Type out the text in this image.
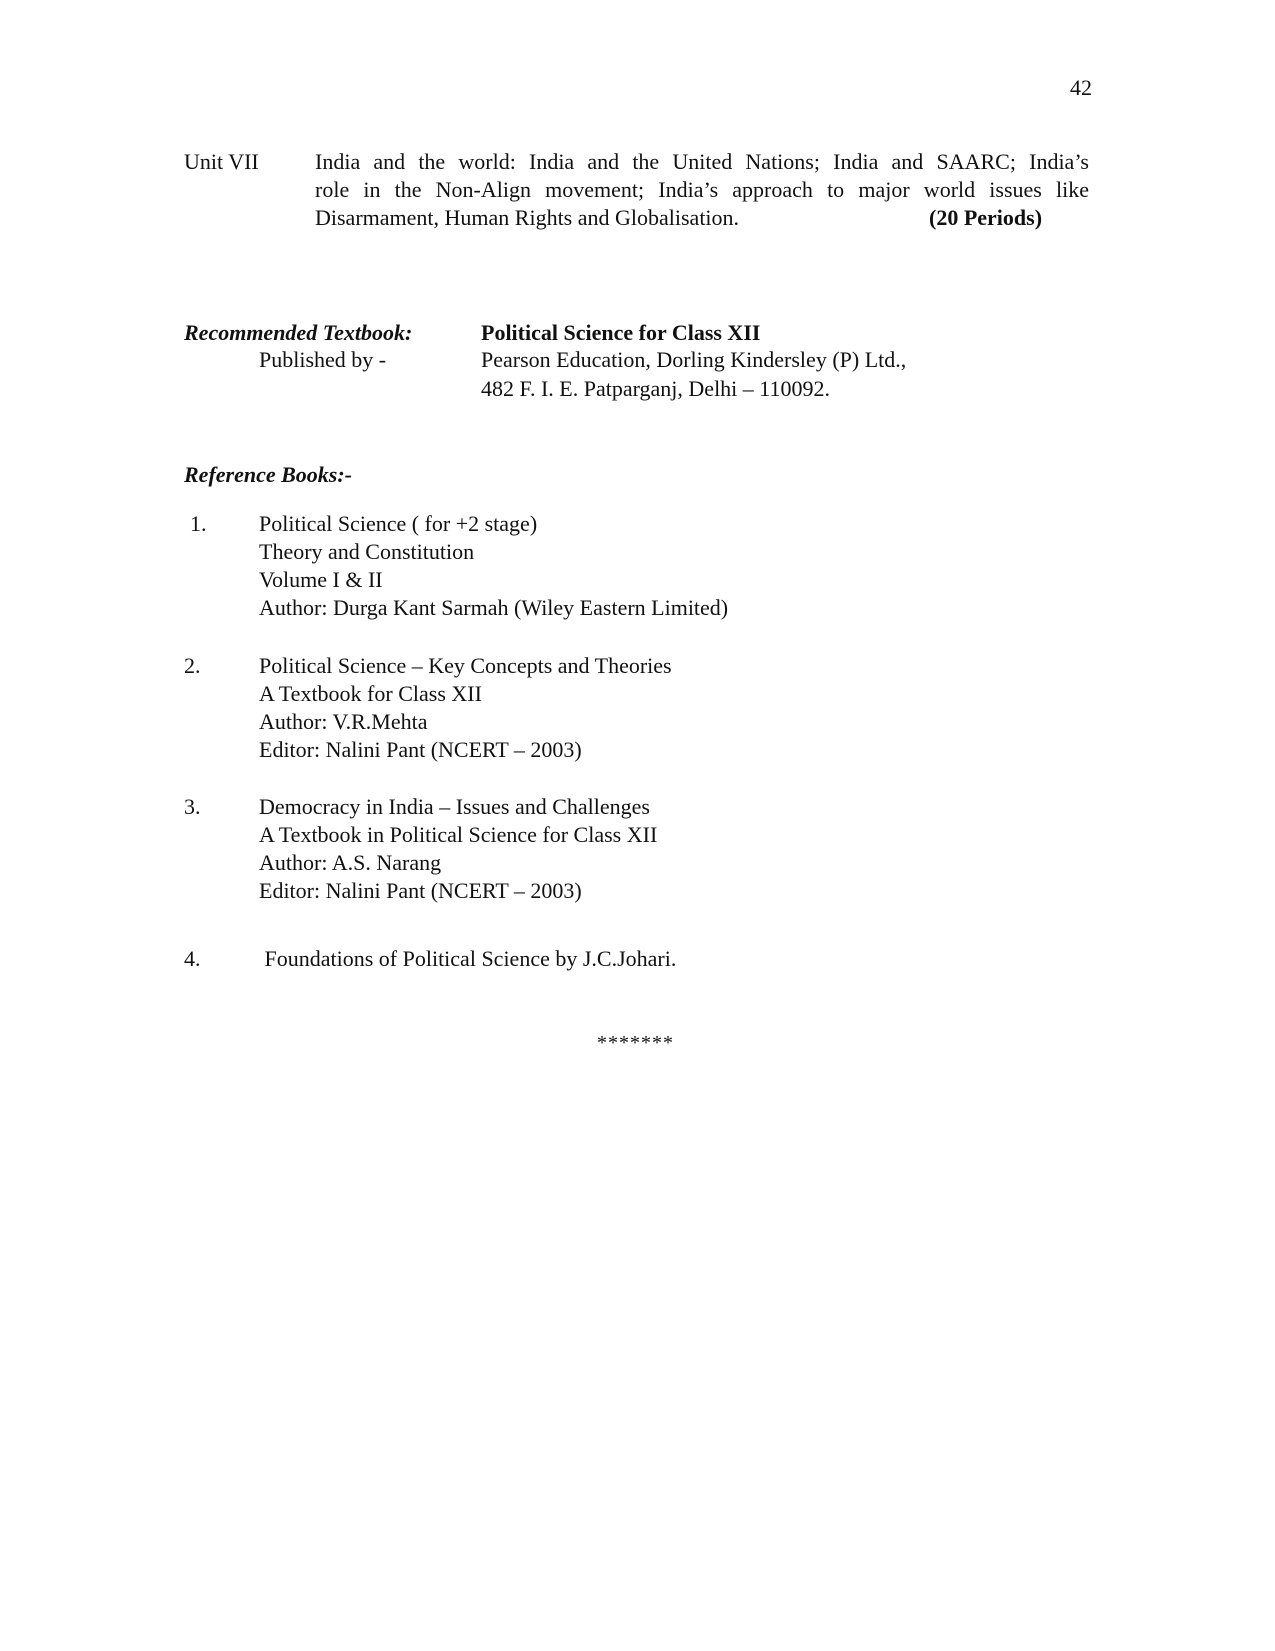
42
Unit VII	India and the world: India and the United Nations; India and SAARC; India’s
role in the Non-Align movement; India’s approach to major world issues like
Disarmament, Human Rights and Globalisation.	(20 Periods)
Recommended Textbook:	Political Science for Class XII
Published by -	Pearson Education, Dorling Kindersley (P) Ltd.,
482 F. I. E. Patparganj, Delhi – 110092.
Reference Books:-
1. Political Science ( for +2 stage)
Theory and Constitution
Volume I & II
Author: Durga Kant Sarmah (Wiley Eastern Limited)
2.	Political Science – Key Concepts and Theories
A Textbook for Class XII
Author: V.R.Mehta
Editor: Nalini Pant (NCERT – 2003)
3.	Democracy in India – Issues and Challenges
A Textbook in Political Science for Class XII
Author: A.S. Narang
Editor: Nalini Pant (NCERT – 2003)
4.	Foundations of Political Science by J.C.Johari.
*******
